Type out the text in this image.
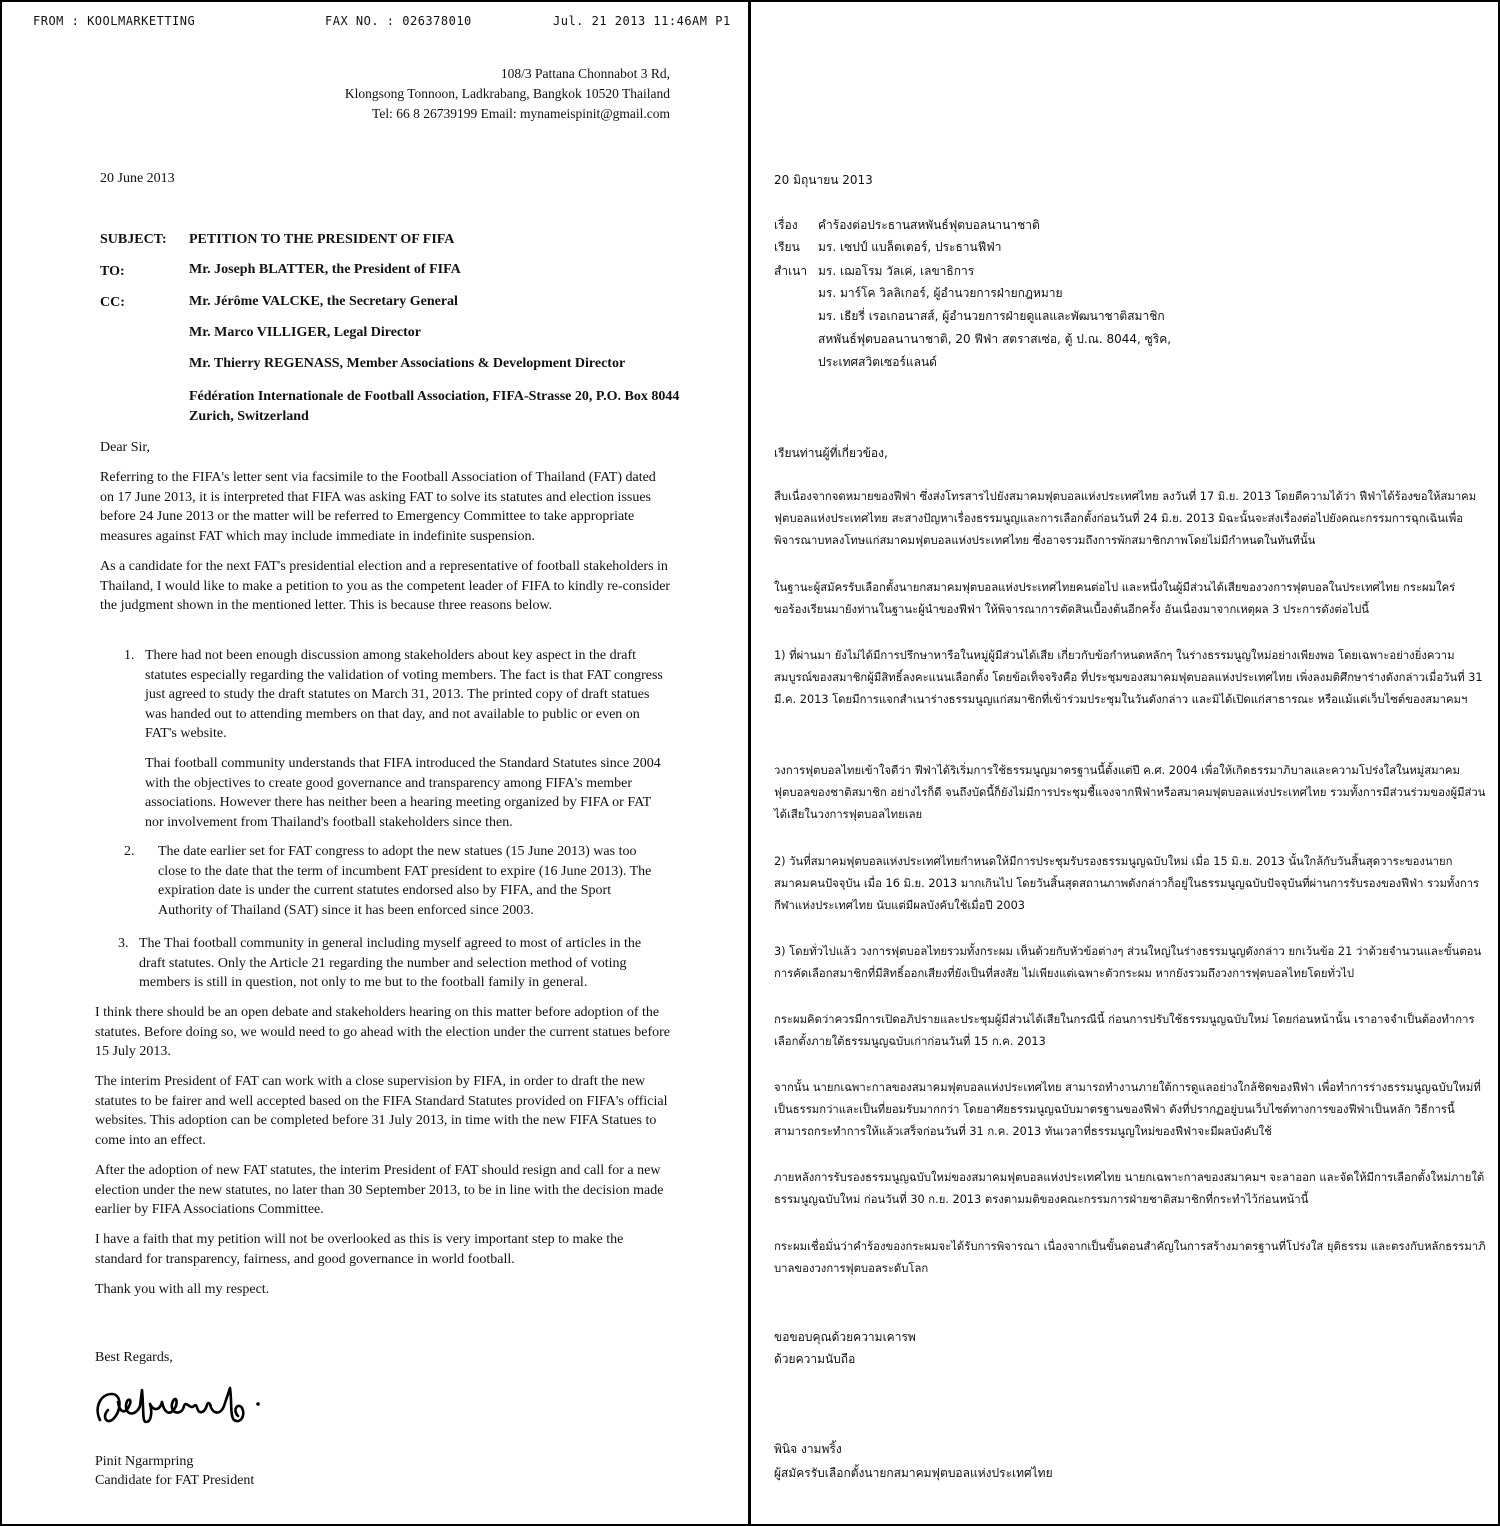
FROM : KOOLMARKETTING	FAX NO. : 026378010	Jul. 21 2013 11:46AM P1
108/3 Pattana Chonnabot 3 Rd,
Klongsong Tonnoon, Ladkrabang, Bangkok 10520 Thailand
Tel: 66 8 26739199 Email: mynameispinit@gmail.com
20 June 2013
SUBJECT: PETITION TO THE PRESIDENT OF FIFA
TO:	Mr. Joseph BLATTER, the President of FIFA
CC:	Mr. Jérôme VALCKE, the Secretary General
Mr. Marco VILLIGER, Legal Director
Mr. Thierry REGENASS, Member Associations & Development Director
Fédération Internationale de Football Association, FIFA-Strasse 20, P.O. Box 8044 Zurich, Switzerland
Dear Sir,
Referring to the FIFA's letter sent via facsimile to the Football Association of Thailand (FAT) dated on 17 June 2013, it is interpreted that FIFA was asking FAT to solve its statutes and election issues before 24 June 2013 or the matter will be referred to Emergency Committee to take appropriate measures against FAT which may include immediate in indefinite suspension.
As a candidate for the next FAT's presidential election and a representative of football stakeholders in Thailand, I would like to make a petition to you as the competent leader of FIFA to kindly re-consider the judgment shown in the mentioned letter. This is because three reasons below.
1. There had not been enough discussion among stakeholders about key aspect in the draft statutes especially regarding the validation of voting members. The fact is that FAT congress just agreed to study the draft statutes on March 31, 2013. The printed copy of draft statues was handed out to attending members on that day, and not available to public or even on FAT's website.
Thai football community understands that FIFA introduced the Standard Statutes since 2004 with the objectives to create good governance and transparency among FIFA's member associations. However there has neither been a hearing meeting organized by FIFA or FAT nor involvement from Thailand's football stakeholders since then.
2. The date earlier set for FAT congress to adopt the new statues (15 June 2013) was too close to the date that the term of incumbent FAT president to expire (16 June 2013). The expiration date is under the current statutes endorsed also by FIFA, and the Sport Authority of Thailand (SAT) since it has been enforced since 2003.
3. The Thai football community in general including myself agreed to most of articles in the draft statutes. Only the Article 21 regarding the number and selection method of voting members is still in question, not only to me but to the football family in general.
I think there should be an open debate and stakeholders hearing on this matter before adoption of the statutes. Before doing so, we would need to go ahead with the election under the current statues before 15 July 2013.
The interim President of FAT can work with a close supervision by FIFA, in order to draft the new statutes to be fairer and well accepted based on the FIFA Standard Statutes provided on FIFA's official websites. This adoption can be completed before 31 July 2013, in time with the new FIFA Statues to come into an effect.
After the adoption of new FAT statutes, the interim President of FAT should resign and call for a new election under the new statutes, no later than 30 September 2013, to be in line with the decision made earlier by FIFA Associations Committee.
I have a faith that my petition will not be overlooked as this is very important step to make the standard for transparency, fairness, and good governance in world football.
Thank you with all my respect.
Best Regards,
Pinit Ngarmpring
Candidate for FAT President
20 มิถุนายน 2013
เรื่อง คำร้องต่อประธานสหพันธ์ฟุตบอลนานาชาติ
เรียน มร. เซปป์ แบล็ตเตอร์, ประธานฟีฟ่า
สำเนา มร. เฌอโรม วัลเค่, เลขาธิการ
มร. มาร์โค วิลลิเกอร์, ผู้อำนวยการฝ่ายกฎหมาย
มร. เธียรี่ เรอเกอนาสส์, ผู้อำนวยการฝ่ายดูแลและพัฒนาชาติสมาชิก
สหพันธ์ฟุตบอลนานาชาติ, 20 ฟีฟ่า สตราสเซ่อ, ตู้ ป.ณ. 8044, ซูริค,
ประเทศสวิตเซอร์แลนด์
เรียนท่านผู้ที่เกี่ยวข้อง,
สืบเนื่องจากจดหมายของฟีฟ่า ซึ่งส่งโทรสารไปยังสมาคมฟุตบอลแห่งประเทศไทย ลงวันที่ 17 มิ.ย. 2013 โดยตีความได้ว่า ฟีฟ่าได้ร้องขอให้สมาคมฟุตบอลแห่งประเทศไทย สะสางปัญหาเรื่องธรรมนูญและการเลือกตั้งก่อนวันที่ 24 มิ.ย. 2013 มิฉะนั้นจะส่งเรื่องต่อไปยังคณะกรรมการฉุกเฉินเพื่อพิจารณาบทลงโทษแก่สมาคมฟุตบอลแห่งประเทศไทย ซึ่งอาจรวมถึงการพักสมาชิกภาพโดยไม่มีกำหนดในทันทีนั้น
ในฐานะผู้สมัครรับเลือกตั้งนายกสมาคมฟุตบอลแห่งประเทศไทยคนต่อไป และหนึ่งในผู้มีส่วนได้เสียของวงการฟุตบอลในประเทศไทย กระผมใคร่ขอร้องเรียนมายังท่านในฐานะผู้นำของฟีฟ่า ให้พิจารณาการตัดสินเบื้องต้นอีกครั้ง อันเนื่องมาจากเหตุผล 3 ประการดังต่อไปนี้
1) ที่ผ่านมา ยังไม่ได้มีการปรึกษาหารือในหมู่ผู้มีส่วนได้เสีย เกี่ยวกับข้อกำหนดหลักๆ ในร่างธรรมนูญใหม่อย่างเพียงพอ โดยเฉพาะอย่างยิ่งความสมบูรณ์ของสมาชิกผู้มีสิทธิ์ลงคะแนนเลือกตั้ง โดยข้อเท็จจริงคือ ที่ประชุมของสมาคมฟุตบอลแห่งประเทศไทย เพิ่งลงมติศึกษาร่างดังกล่าวเมื่อวันที่ 31 มี.ค. 2013 โดยมีการแจกสำเนาร่างธรรมนูญแก่สมาชิกที่เข้าร่วมประชุมในวันดังกล่าว และมิได้เปิดแก่สาธารณะ หรือแม้แต่เว็บไซต์ของสมาคมฯ
วงการฟุตบอลไทยเข้าใจดีว่า ฟีฟ่าได้ริเริ่มการใช้ธรรมนูญมาตรฐานนี้ตั้งแต่ปี ค.ศ. 2004 เพื่อให้เกิดธรรมาภิบาลและความโปร่งใสในหมู่สมาคมฟุตบอลของชาติสมาชิก อย่างไรก็ดี จนถึงบัดนี้ก็ยังไม่มีการประชุมชี้แจงจากฟีฟ่าหรือสมาคมฟุตบอลแห่งประเทศไทย รวมทั้งการมีส่วนร่วมของผู้มีส่วนได้เสียในวงการฟุตบอลไทยเลย
2) วันที่สมาคมฟุตบอลแห่งประเทศไทยกำหนดให้มีการประชุมรับรองธรรมนูญฉบับใหม่ เมื่อ 15 มิ.ย. 2013 นั้นใกล้กับวันสิ้นสุดวาระของนายกสมาคมคนปัจจุบัน เมื่อ 16 มิ.ย. 2013 มากเกินไป โดยวันสิ้นสุดสถานภาพดังกล่าวก็อยู่ในธรรมนูญฉบับปัจจุบันที่ผ่านการรับรองของฟีฟ่า รวมทั้งการกีฬาแห่งประเทศไทย นับแต่มีผลบังคับใช้เมื่อปี 2003
3) โดยทั่วไปแล้ว วงการฟุตบอลไทยรวมทั้งกระผม เห็นด้วยกับหัวข้อต่างๆ ส่วนใหญ่ในร่างธรรมนูญดังกล่าว ยกเว้นข้อ 21 ว่าด้วยจำนวนและขั้นตอนการคัดเลือกสมาชิกที่มีสิทธิ์ออกเสียงที่ยังเป็นที่สงสัย ไม่เพียงแต่เฉพาะตัวกระผม หากยังรวมถึงวงการฟุตบอลไทยโดยทั่วไป
กระผมคิดว่าควรมีการเปิดอภิปรายและประชุมผู้มีส่วนได้เสียในกรณีนี้ ก่อนการปรับใช้ธรรมนูญฉบับใหม่ โดยก่อนหน้านั้น เราอาจจำเป็นต้องทำการเลือกตั้งภายใต้ธรรมนูญฉบับเก่าก่อนวันที่ 15 ก.ค. 2013
จากนั้น นายกเฉพาะกาลของสมาคมฟุตบอลแห่งประเทศไทย สามารถทำงานภายใต้การดูแลอย่างใกล้ชิดของฟีฟ่า เพื่อทำการร่างธรรมนูญฉบับใหม่ที่เป็นธรรมกว่าและเป็นที่ยอมรับมากกว่า โดยอาศัยธรรมนูญฉบับมาตรฐานของฟีฟ่า ดังที่ปรากฏอยู่บนเว็บไซต์ทางการของฟีฟ่าเป็นหลัก วิธีการนี้สามารถกระทำการให้แล้วเสร็จก่อนวันที่ 31 ก.ค. 2013 ทันเวลาที่ธรรมนูญใหม่ของฟีฟ่าจะมีผลบังคับใช้
ภายหลังการรับรองธรรมนูญฉบับใหม่ของสมาคมฟุตบอลแห่งประเทศไทย นายกเฉพาะกาลของสมาคมฯ จะลาออก และจัดให้มีการเลือกตั้งใหม่ภายใต้ธรรมนูญฉบับใหม่ ก่อนวันที่ 30 ก.ย. 2013 ตรงตามมติของคณะกรรมการฝ่ายชาติสมาชิกที่กระทำไว้ก่อนหน้านี้
กระผมเชื่อมั่นว่าคำร้องของกระผมจะได้รับการพิจารณา เนื่องจากเป็นขั้นตอนสำคัญในการสร้างมาตรฐานที่โปร่งใส ยุติธรรม และตรงกับหลักธรรมาภิบาลของวงการฟุตบอลระดับโลก
ขอขอบคุณด้วยความเคารพ
ด้วยความนับถือ
พินิจ งามพริ้ง
ผู้สมัครรับเลือกตั้งนายกสมาคมฟุตบอลแห่งประเทศไทย
